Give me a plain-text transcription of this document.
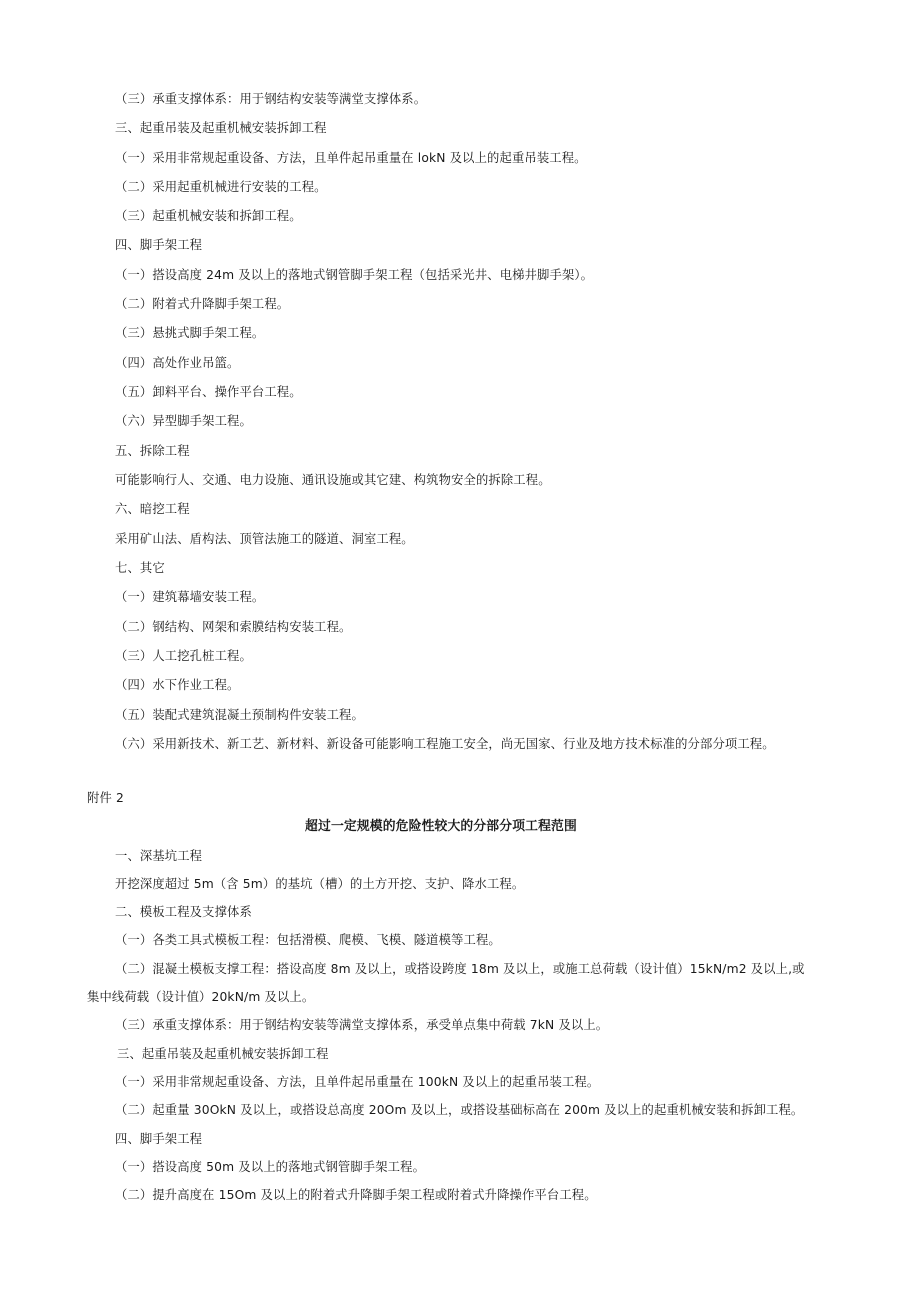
（三）承重支撑体系：用于钢结构安装等满堂支撑体系。

三、起重吊装及起重机械安装拆卸工程

（一）采用非常规起重设备、方法，且单件起吊重量在 lokN 及以上的起重吊装工程。

（二）采用起重机械进行安装的工程。

（三）起重机械安装和拆卸工程。

四、脚手架工程

（一）搭设高度 24m 及以上的落地式钢管脚手架工程（包括采光井、电梯井脚手架）。

（二）附着式升降脚手架工程。

（三）悬挑式脚手架工程。

（四）高处作业吊篮。

（五）卸料平台、操作平台工程。

（六）异型脚手架工程。

五、拆除工程

可能影响行人、交通、电力设施、通讯设施或其它建、构筑物安全的拆除工程。

六、暗挖工程

采用矿山法、盾构法、顶管法施工的隧道、洞室工程。

七、其它

（一）建筑幕墙安装工程。

（二）钢结构、网架和索膜结构安装工程。

（三）人工挖孔桩工程。

（四）水下作业工程。

（五）装配式建筑混凝土预制构件安装工程。

（六）采用新技术、新工艺、新材料、新设备可能影响工程施工安全，尚无国家、行业及地方技术标准的分部分项工程。

附件 2

超过一定规模的危险性较大的分部分项工程范围

一、深基坑工程

开挖深度超过 5m（含 5m）的基坑（槽）的土方开挖、支护、降水工程。

二、模板工程及支撑体系

（一）各类工具式模板工程：包括滑模、爬模、飞模、隧道模等工程。

（二）混凝土模板支撑工程：搭设高度 8m 及以上，或搭设跨度 18m 及以上，或施工总荷载（设计值）15kN∕m2 及以上,或

集中线荷载（设计值）20kN∕m 及以上。

（三）承重支撑体系：用于钢结构安装等满堂支撑体系，承受单点集中荷载 7kN 及以上。

三、起重吊装及起重机械安装拆卸工程

（一）采用非常规起重设备、方法，且单件起吊重量在 100kN 及以上的起重吊装工程。

（二）起重量 30OkN 及以上，或搭设总高度 20Om 及以上，或搭设基础标高在 200m 及以上的起重机械安装和拆卸工程。

四、脚手架工程

（一）搭设高度 50m 及以上的落地式钢管脚手架工程。

（二）提升高度在 15Om 及以上的附着式升降脚手架工程或附着式升降操作平台工程。
